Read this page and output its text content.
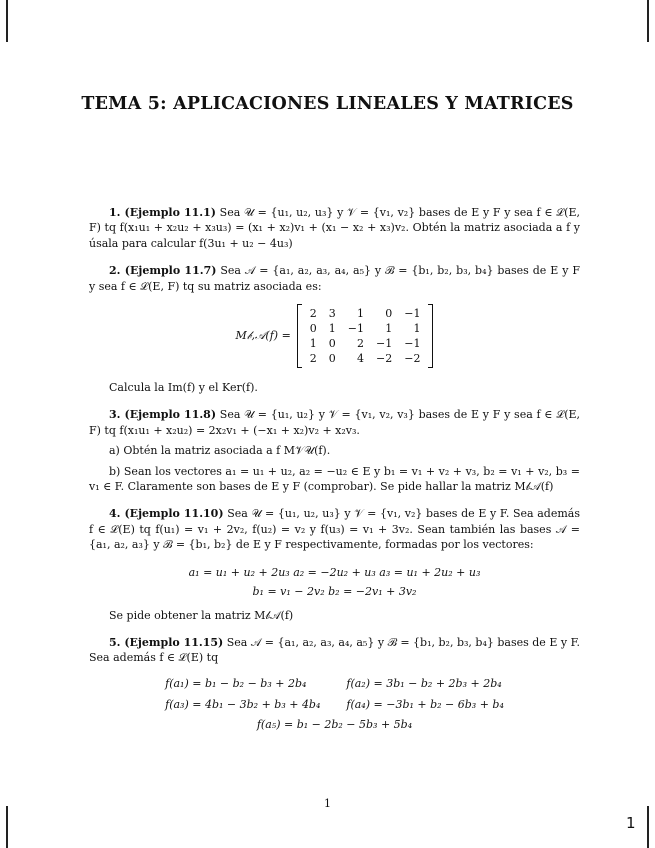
TEMA 5: APLICACIONES LINEALES Y MATRICES

1. (Ejemplo 11.1) Sea 𝒰 = {u₁, u₂, u₃} y 𝒱 = {v₁, v₂} bases de E y F y sea f ∈ ℒ(E, F) tq f(x₁u₁ + x₂u₂ + x₃u₃) = (x₁ + x₂)v₁ + (x₁ − x₂ + x₃)v₂. Obtén la matriz asociada a f y úsala para calcular f(3u₁ + u₂ − 4u₃)

2. (Ejemplo 11.7) Sea 𝒜 = {a₁, a₂, a₃, a₄, a₅} y ℬ = {b₁, b₂, b₃, b₄} bases de E y F y sea f ∈ ℒ(E, F) tq su matriz asociada es:

M𝒷,𝒜(f) =
2	3	1	0	−1
0	1	−1	1	1
1	0	2	−1	−1
2	0	4	−2	−2

Calcula la Im(f) y el Ker(f).

3. (Ejemplo 11.8) Sea 𝒰 = {u₁, u₂} y 𝒱 = {v₁, v₂, v₃} bases de E y F y sea f ∈ ℒ(E, F) tq f(x₁u₁ + x₂u₂) = 2x₂v₁ + (−x₁ + x₂)v₂ + x₂v₃.

a) Obtén la matriz asociada a f M𝒱𝒰(f).

b) Sean los vectores a₁ = u₁ + u₂, a₂ = −u₂ ∈ E y b₁ = v₁ + v₂ + v₃, b₂ = v₁ + v₂, b₃ = v₁ ∈ F. Claramente son bases de E y F (comprobar). Se pide hallar la matriz M𝒷𝒜(f)

4. (Ejemplo 11.10) Sea 𝒰 = {u₁, u₂, u₃} y 𝒱 = {v₁, v₂} bases de E y F. Sea además f ∈ ℒ(E) tq f(u₁) = v₁ + 2v₂, f(u₂) = v₂ y f(u₃) = v₁ + 3v₂. Sean también las bases 𝒜 = {a₁, a₂, a₃} y ℬ = {b₁, b₂} de E y F respectivamente, formadas por los vectores:

a₁ = u₁ + u₂ + 2u₃ a₂ = −2u₂ + u₃ a₃ = u₁ + 2u₂ + u₃
b₁ = v₁ − 2v₂ b₂ = −2v₁ + 3v₂

Se pide obtener la matriz M𝒷𝒜(f)

5. (Ejemplo 11.15) Sea 𝒜 = {a₁, a₂, a₃, a₄, a₅} y ℬ = {b₁, b₂, b₃, b₄} bases de E y F. Sea además f ∈ ℒ(E) tq

f(a₁) = b₁ − b₂ − b₃ + 2b₄	f(a₂) = 3b₁ − b₂ + 2b₃ + 2b₄
f(a₃) = 4b₁ − 3b₂ + b₃ + 4b₄ f(a₄) = −3b₁ + b₂ − 6b₃ + b₄
f(a₅) = b₁ − 2b₂ − 5b₃ + 5b₄
1
1
